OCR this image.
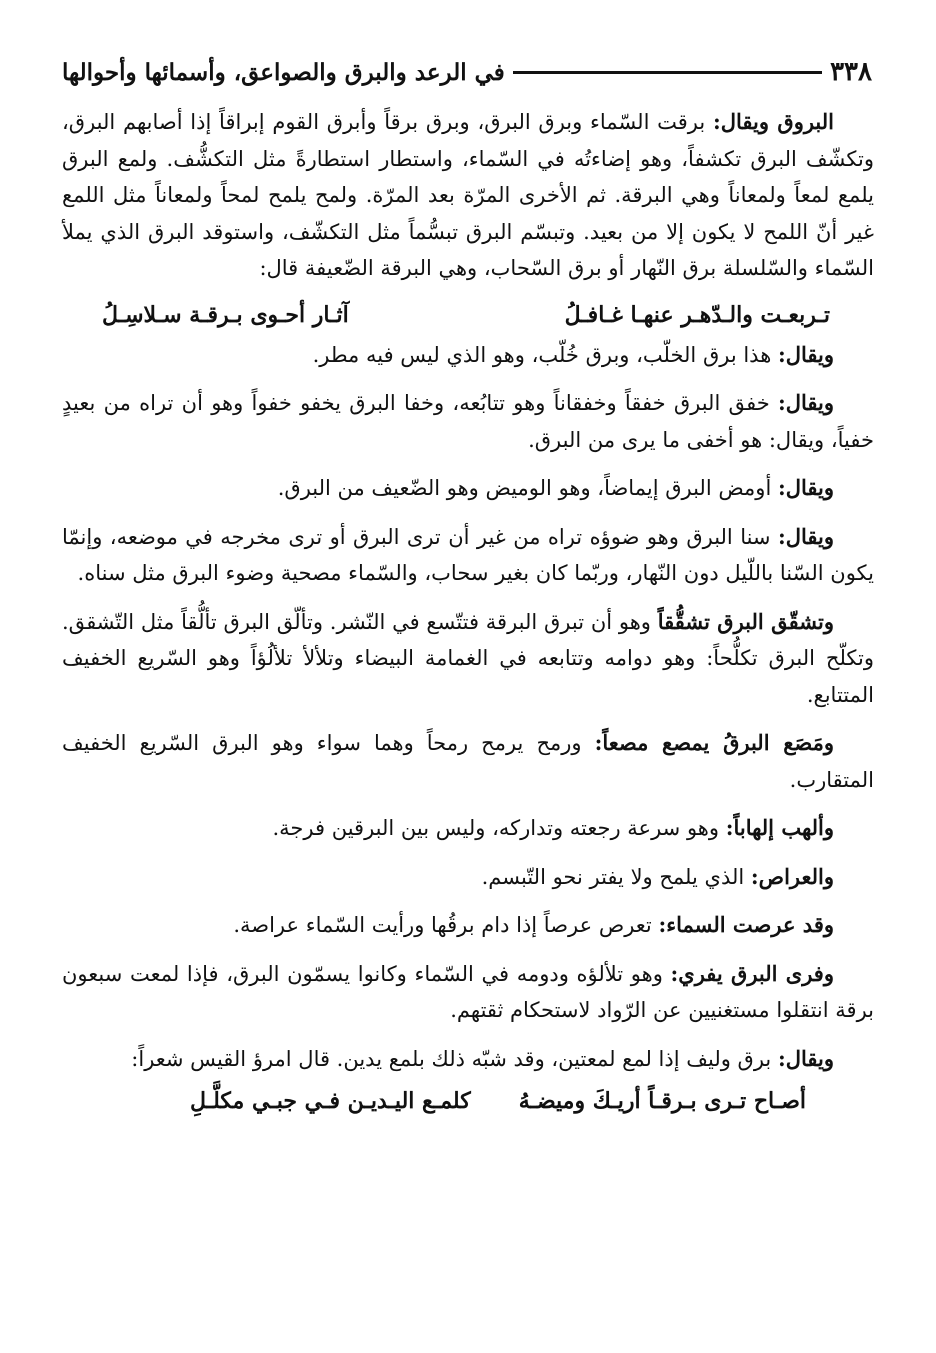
٣٣٨
في الرعد والبرق والصواعق، وأسمائها وأحوالها

البروق ويقال: برقت السّماء وبرق البرق، وبرق برقاً وأبرق القوم إبراقاً إذا أصابهم البرق، وتكشّف البرق تكشفاً، وهو إضاءتُه في السّماء، واستطار استطارةً مثل التكشُّف. ولمع البرق يلمع لمعاً ولمعاناً وهي البرقة. ثم الأخرى المرّة بعد المرّة. ولمح يلمح لمحاً ولمعاناً مثل اللمع غير أنّ اللمح لا يكون إلا من بعيد. وتبسّم البرق تبسُّماً مثل التكشّف، واستوقد البرق الذي يملأ السّماء والسّلسلة برق النّهار أو برق السّحاب، وهي البرقة الضّعيفة قال:

تـربعـت والـدّهـر عنهـا غـافـلُ
آثـار أحـوى بـرقـة سـلاسِـلُ

ويقال: هذا برق الخلّب، وبرق خُلّب، وهو الذي ليس فيه مطر.

ويقال: خفق البرق خفقاً وخفقاناً وهو تتابُعه، وخفا البرق يخفو خفواً وهو أن تراه من بعيدٍ خفياً، ويقال: هو أخفى ما يرى من البرق.

ويقال: أومض البرق إيماضاً، وهو الوميض وهو الضّعيف من البرق.

ويقال: سنا البرق وهو ضوؤه تراه من غير أن ترى البرق أو ترى مخرجه في موضعه، وإنمّا يكون السّنا باللّيل دون النّهار، وربّما كان بغير سحاب، والسّماء مصحية وضوء البرق مثل سناه.

وتشقّق البرق تشقُّقاً وهو أن تبرق البرقة فتتّسع في النّشر. وتألّق البرق تألُّقاً مثل التّشقق. وتكلّح البرق تكلُّحاً: وهو دوامه وتتابعه في الغمامة البيضاء وتلألأ تلألُؤاً وهو السّريع الخفيف المتتابع.

ومَصَع البرقُ يمصع مصعاً: ورمح يرمح رمحاً وهما سواء وهو البرق السّريع الخفيف المتقارب.

وألهب إلهاباً: وهو سرعة رجعته وتداركه، وليس بين البرقين فرجة.

والعراص: الذي يلمح ولا يفتر نحو التّبسم.

وقد عرصت السماء: تعرص عرصاً إذا دام برقُها ورأيت السّماء عراصة.

وفرى البرق يفري: وهو تلألؤه ودومه في السّماء وكانوا يسمّون البرق، فإذا لمعت سبعون برقة انتقلوا مستغنيين عن الرّواد لاستحكام ثقتهم.

ويقال: برق وليف إذا لمع لمعتين، وقد شبّه ذلك بلمع يدين. قال امرؤ القيس شعراً:

أصـاح تـرى بـرقـاً أريـكَ وميضـهُ
كلمـع اليـديـن فـي جبـي مكلَّـلِ
